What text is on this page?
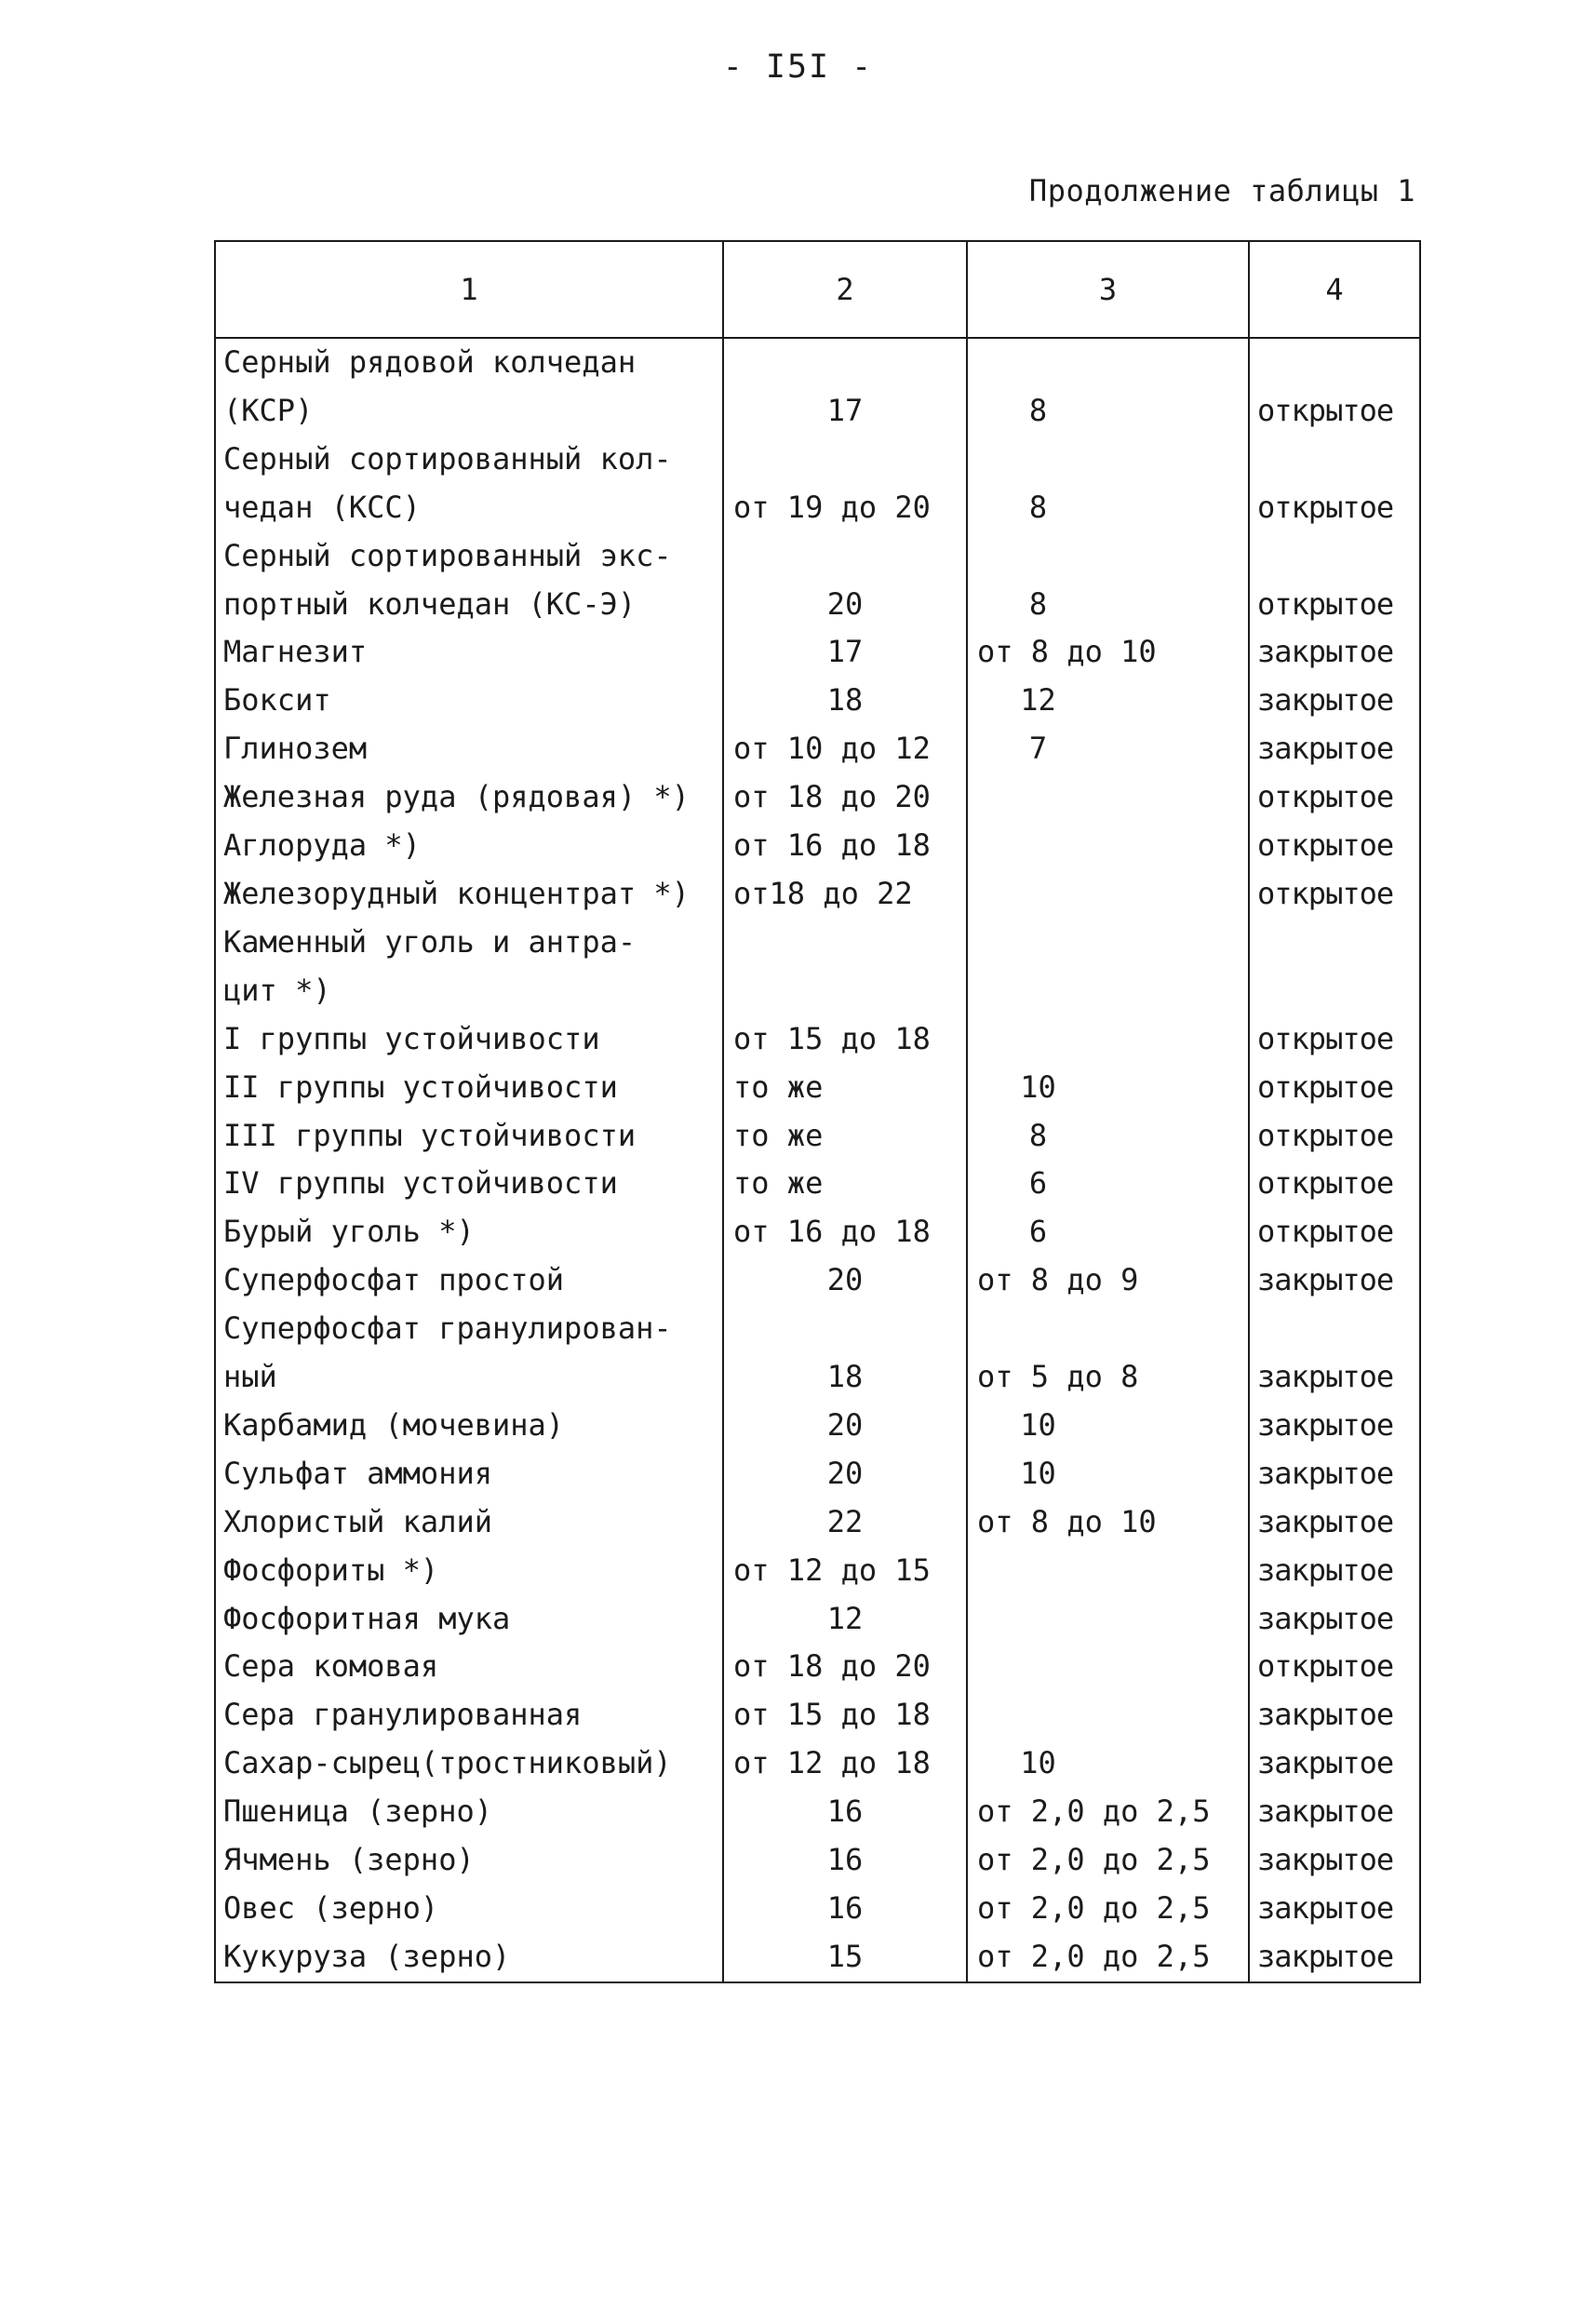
- I5I -
Продолжение таблицы 1
1	2	3	4
Серный рядовой колчедан			
(КСР)	17	8	открытое
Серный сортированный кол-			
чедан (КСС)	от 19 до 20	8	открытое
Серный сортированный экс-			
портный колчедан (КС-Э)	20	8	открытое
Магнезит	17	от 8 до 10	закрытое
Боксит	18	12	закрытое
Глинозем	от 10 до 12	7	закрытое
Железная руда (рядовая) *)	от 18 до 20		открытое
Аглоруда *)	от 16 до 18		открытое
Железорудный концентрат *)	от18 до 22		открытое
Каменный уголь и антра-			
цит *)			
I группы устойчивости	от 15 до 18		открытое
II группы устойчивости	то же	10	открытое
III группы устойчивости	то же	8	открытое
IV группы устойчивости	то же	6	открытое
Бурый уголь *)	от 16 до 18	6	открытое
Суперфосфат простой	20	от 8 до 9	закрытое
Суперфосфат гранулирован-			
ный	18	от 5 до 8	закрытое
Карбамид (мочевина)	20	10	закрытое
Сульфат аммония	20	10	закрытое
Хлористый калий	22	от 8 до 10	закрытое
Фосфориты *)	от 12 до 15		закрытое
Фосфоритная мука	12		закрытое
Сера комовая	от 18 до 20		открытое
Сера гранулированная	от 15 до 18		закрытое
Сахар-сырец(тростниковый)	от 12 до 18	10	закрытое
Пшеница (зерно)	16	от 2,0 до 2,5	закрытое
Ячмень (зерно)	16	от 2,0 до 2,5	закрытое
Овес (зерно)	16	от 2,0 до 2,5	закрытое
Кукуруза (зерно)	15	от 2,0 до 2,5	закрытое
